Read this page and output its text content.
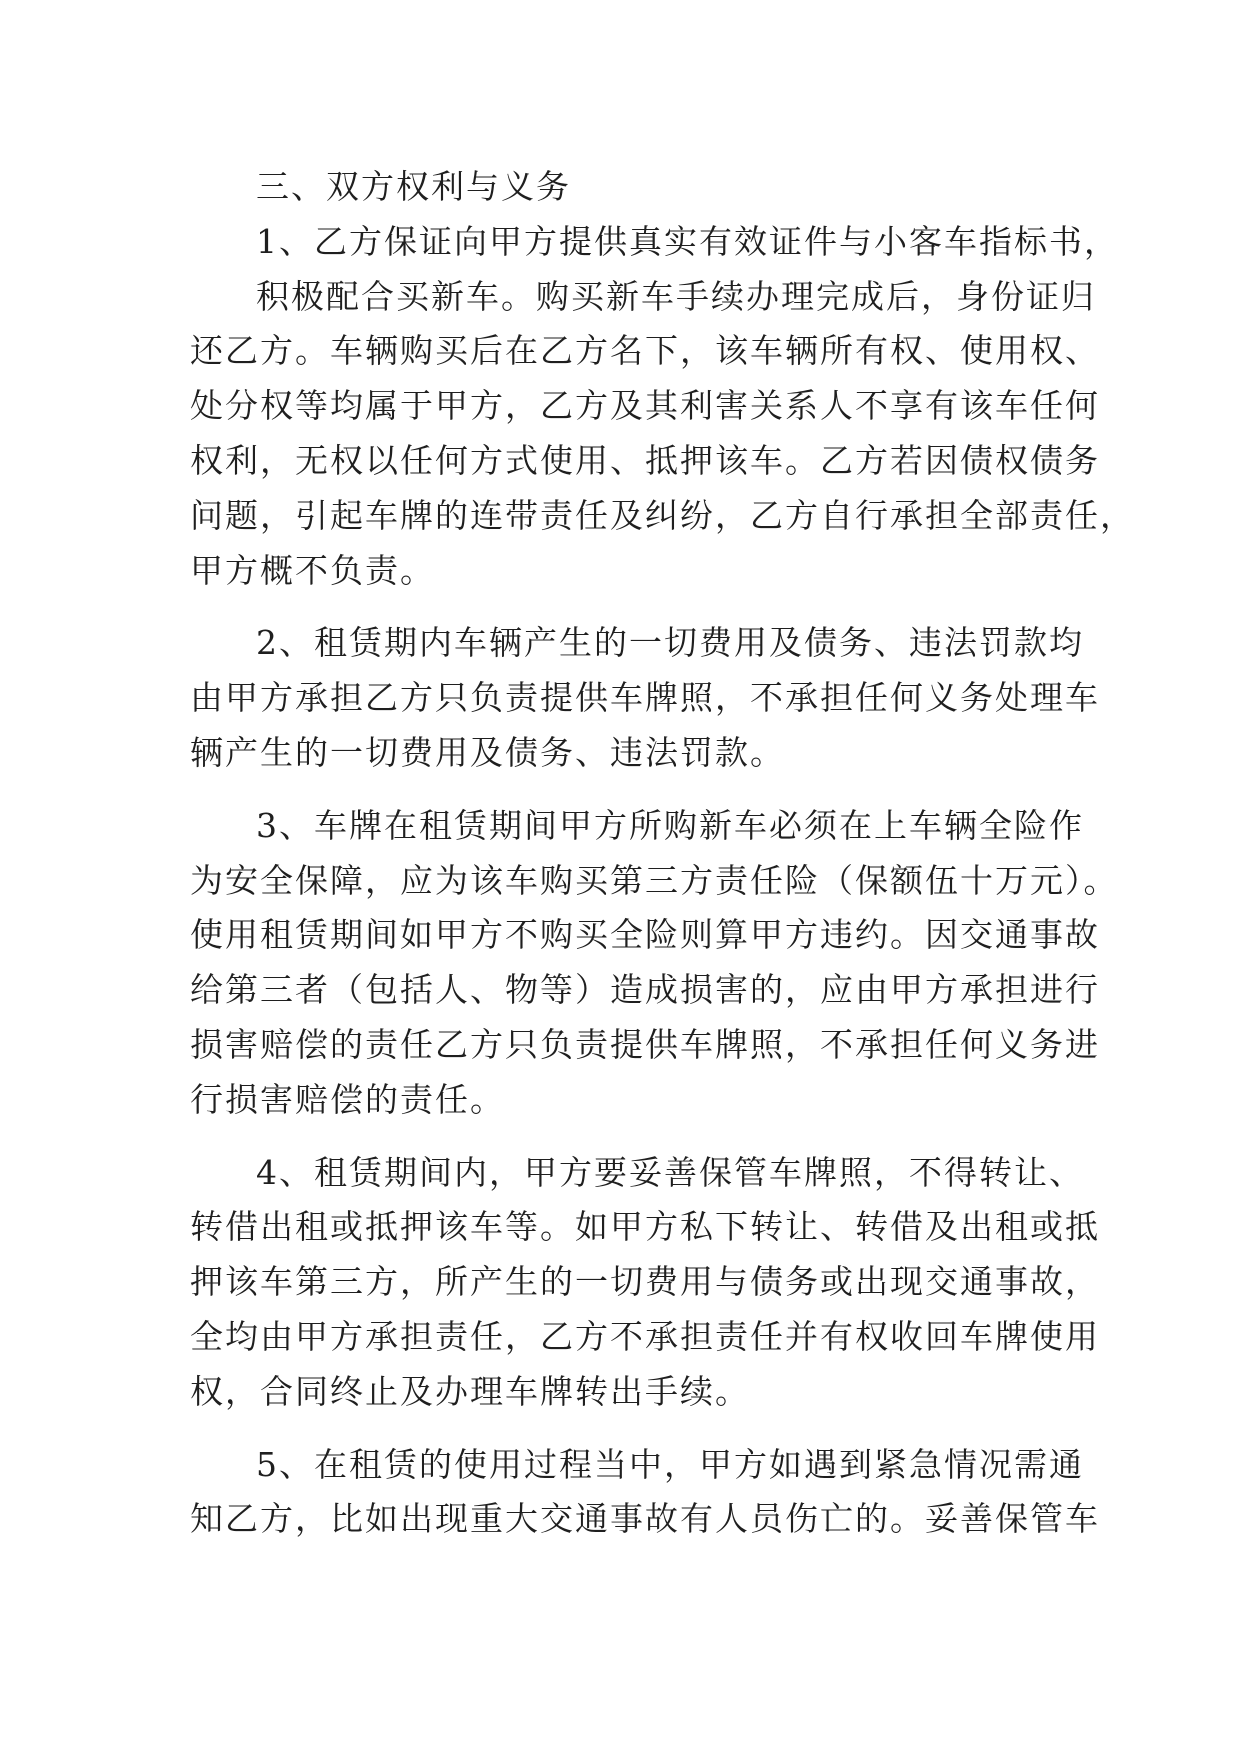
三、双方权利与义务
1、乙方保证向甲方提供真实有效证件与小客车指标书，
积极配合买新车。购买新车手续办理完成后，身份证归
还乙方。车辆购买后在乙方名下，该车辆所有权、使用权、
处分权等均属于甲方，乙方及其利害关系人不享有该车任何
权利，无权以任何方式使用、抵押该车。乙方若因债权债务
问题，引起车牌的连带责任及纠纷，乙方自行承担全部责任，
甲方概不负责。
2、租赁期内车辆产生的一切费用及债务、违法罚款均
由甲方承担乙方只负责提供车牌照，不承担任何义务处理车
辆产生的一切费用及债务、违法罚款。
3、车牌在租赁期间甲方所购新车必须在上车辆全险作
为安全保障，应为该车购买第三方责任险（保额伍十万元）。
使用租赁期间如甲方不购买全险则算甲方违约。因交通事故
给第三者（包括人、物等）造成损害的，应由甲方承担进行
损害赔偿的责任乙方只负责提供车牌照，不承担任何义务进
行损害赔偿的责任。
4、租赁期间内，甲方要妥善保管车牌照，不得转让、
转借出租或抵押该车等。如甲方私下转让、转借及出租或抵
押该车第三方，所产生的一切费用与债务或出现交通事故，
全均由甲方承担责任，乙方不承担责任并有权收回车牌使用
权，合同终止及办理车牌转出手续。
5、在租赁的使用过程当中，甲方如遇到紧急情况需通
知乙方，比如出现重大交通事故有人员伤亡的。妥善保管车
